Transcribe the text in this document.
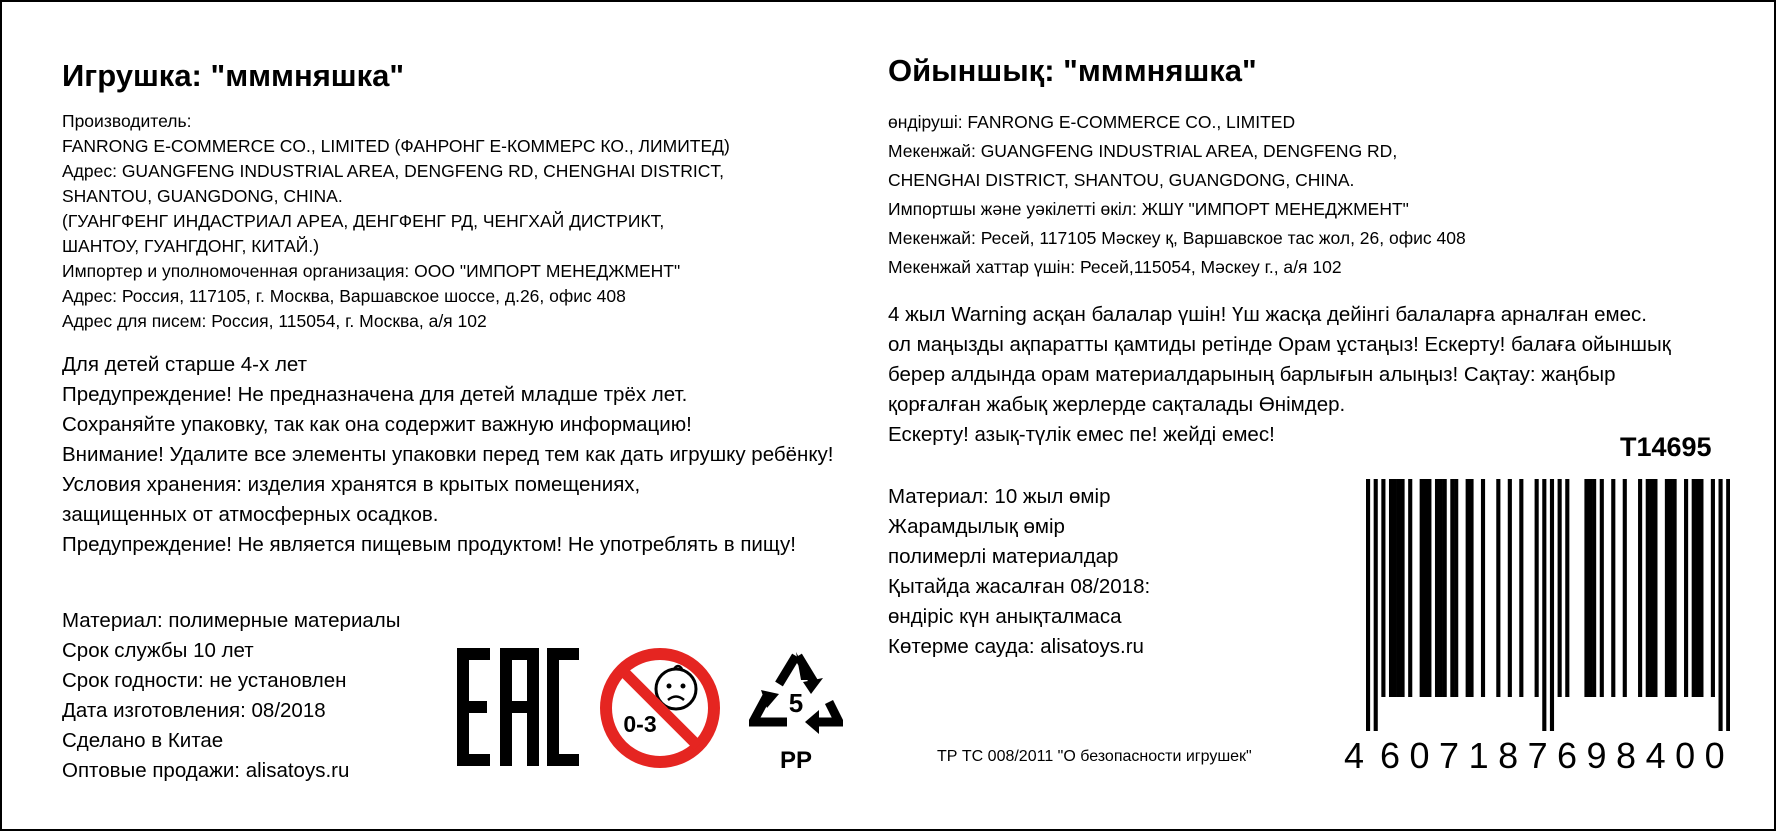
Игрушка: "мммняшка"
Производитель:
FANRONG E-COMMERCE CO., LIMITED (ФАНРОНГ Е-КОММЕРС КО., ЛИМИТЕД)
Адрес: GUANGFENG INDUSTRIAL AREA, DENGFENG RD, CHENGHAI DISTRICT,
SHANTOU, GUANGDONG, CHINA.
(ГУАНГФЕНГ ИНДАСТРИАЛ АРЕА, ДЕНГФЕНГ РД, ЧЕНГХАЙ ДИСТРИКТ,
ШАНТОУ, ГУАНГДОНГ, КИТАЙ.)
Импортер и уполномоченная организация: ООО "ИМПОРТ МЕНЕДЖМЕНТ"
Адрес: Россия, 117105, г. Москва, Варшавское шоссе, д.26, офис 408
Адрес для писем: Россия, 115054, г. Москва, а/я 102
Для детей старше 4-х лет
Предупреждение! Не предназначена для детей младше трёх лет.
Сохраняйте упаковку, так как она содержит важную информацию!
Внимание! Удалите все элементы упаковки перед тем как дать игрушку ребёнку!
Условия хранения: изделия хранятся в крытых помещениях,
защищенных от атмосферных осадков.
Предупреждение! Не является пищевым продуктом! Не употреблять в пищу!
Материал: полимерные материалы
Срок службы 10 лет
Срок годности: не установлен
Дата изготовления: 08/2018
Сделано в Китае
Оптовые продажи: alisatoys.ru
0-3
5
PP
Ойыншық: "мммняшка"
өндіруші: FANRONG E-COMMERCE CO., LIMITED
Мекенжай: GUANGFENG INDUSTRIAL AREA, DENGFENG RD,
CHENGHAI DISTRICT, SHANTOU, GUANGDONG, CHINA.
Импортшы және уәкілетті өкіл: ЖШҮ "ИМПОРТ МЕНЕДЖМЕНТ"
Мекенжай: Ресей, 117105 Мәскеу қ, Варшавское тас жол, 26, офис 408
Мекенжай хаттар үшін: Ресей,115054, Мәскеу г., а/я 102
4 жыл Warning асқан балалар үшін! Үш жасқа дейінгі балаларға арналған емес.
ол маңызды ақпаратты қамтиды ретінде Орам ұстаңыз! Ескерту! балаға ойыншық
берер алдында орам материалдарының барлығын алыңыз! Сақтау: жаңбыр
қорғалған жабық жерлерде сақталады Өнімдер.
Ескерту! азық-түлік емес пе! жейді емес!
Материал: 10 жыл өмір
Жарамдылық өмір
полимерлі материалдар
Қытайда жасалған 08/2018:
өндіріс күн анықталмаса
Көтерме сауда: alisatoys.ru
ТР ТС 008/2011 "О безопасности игрушек"
T14695
4 607187 698400
